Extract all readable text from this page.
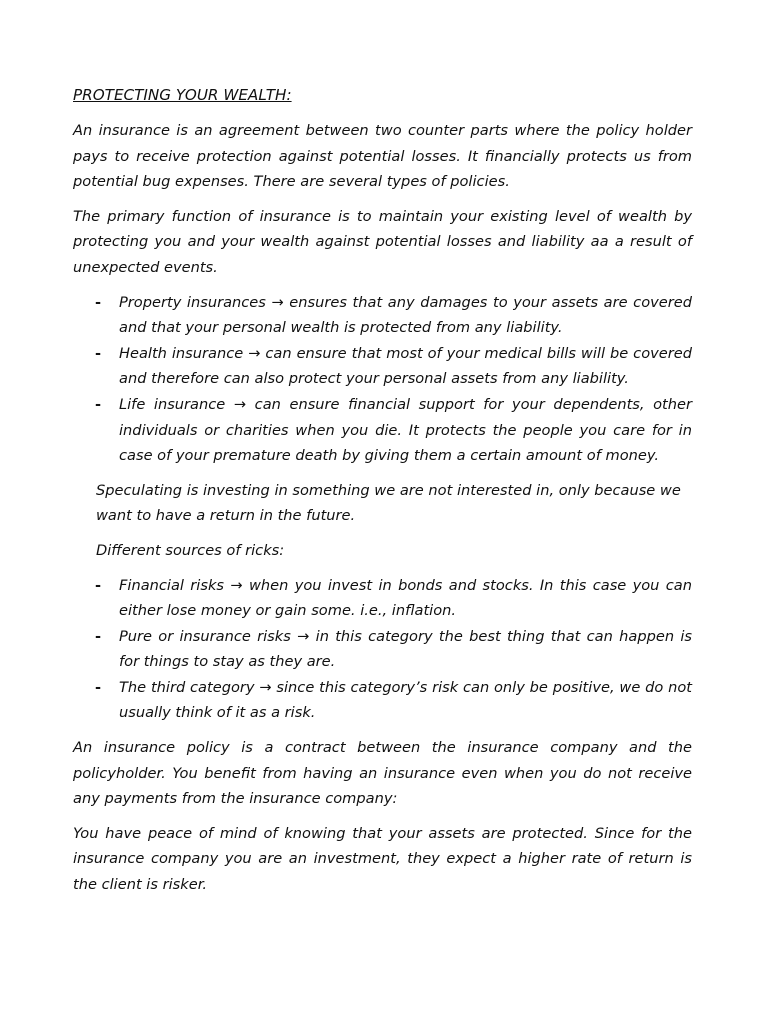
PROTECTING YOUR WEALTH:

An insurance is an agreement between two counter parts where the policy holder pays to receive protection against potential losses. It financially protects us from potential bug expenses. There are several types of policies.

The primary function of insurance is to maintain your existing level of wealth by protecting you and your wealth against potential losses and liability aa a result of unexpected events.

- Property insurances → ensures that any damages to your assets are covered and that your personal wealth is protected from any liability.
- Health insurance → can ensure that most of your medical bills will be covered and therefore can also protect your personal assets from any liability.
- Life insurance → can ensure financial support for your dependents, other individuals or charities when you die. It protects the people you care for in case of your premature death by giving them a certain amount of money.

Speculating is investing in something we are not interested in, only because we want to have a return in the future.

Different sources of ricks:

- Financial risks → when you invest in bonds and stocks. In this case you can either lose money or gain some. i.e., inflation.
- Pure or insurance risks → in this category the best thing that can happen is for things to stay as they are.
- The third category → since this category’s risk can only be positive, we do not usually think of it as a risk.

An insurance policy is a contract between the insurance company and the policyholder. You benefit from having an insurance even when you do not receive any payments from the insurance company:

You have peace of mind of knowing that your assets are protected. Since for the insurance company you are an investment, they expect a higher rate of return is the client is risker.
